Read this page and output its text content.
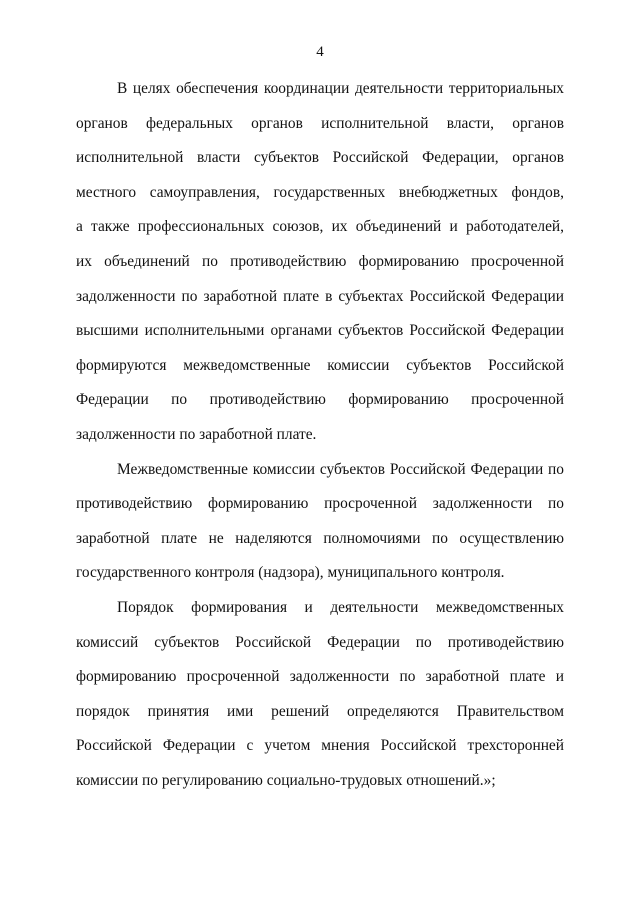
4

В целях обеспечения координации деятельности территориальных
органов федеральных органов исполнительной власти, органов
исполнительной власти субъектов Российской Федерации, органов
местного самоуправления, государственных внебюджетных фондов,
а также профессиональных союзов, их объединений и работодателей,
их объединений по противодействию формированию просроченной
задолженности по заработной плате в субъектах Российской Федерации
высшими исполнительными органами субъектов Российской Федерации
формируются межведомственные комиссии субъектов Российской
Федерации по противодействию формированию просроченной
задолженности по заработной плате.

Межведомственные комиссии субъектов Российской Федерации по
противодействию формированию просроченной задолженности по
заработной плате не наделяются полномочиями по осуществлению
государственного контроля (надзора), муниципального контроля.

Порядок формирования и деятельности межведомственных
комиссий субъектов Российской Федерации по противодействию
формированию просроченной задолженности по заработной плате и
порядок принятия ими решений определяются Правительством
Российской Федерации с учетом мнения Российской трехсторонней
комиссии по регулированию социально-трудовых отношений.»;
